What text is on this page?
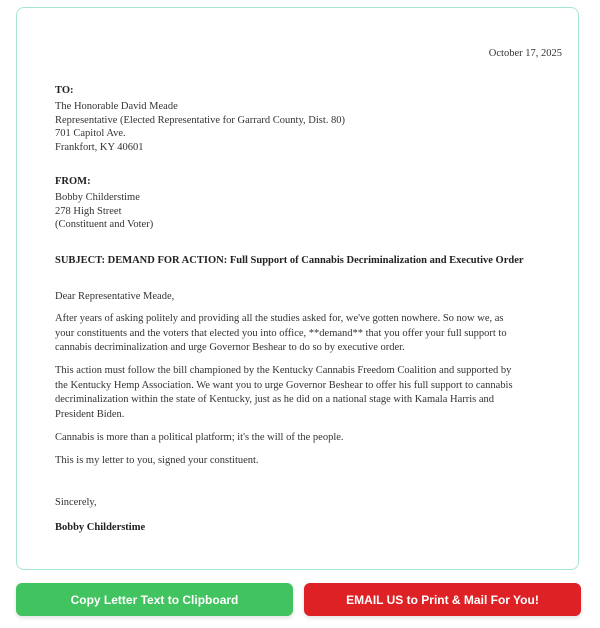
October 17, 2025
TO:
The Honorable David Meade
Representative (Elected Representative for Garrard County, Dist. 80)
701 Capitol Ave.
Frankfort, KY 40601
FROM:
Bobby Childerstime
278 High Street
(Constituent and Voter)
SUBJECT: DEMAND FOR ACTION: Full Support of Cannabis Decriminalization and Executive Order
Dear Representative Meade,

After years of asking politely and providing all the studies asked for, we've gotten nowhere. So now we, as your constituents and the voters that elected you into office, **demand** that you offer your full support to cannabis decriminalization and urge Governor Beshear to do so by executive order.

This action must follow the bill championed by the Kentucky Cannabis Freedom Coalition and supported by the Kentucky Hemp Association. We want you to urge Governor Beshear to offer his full support to cannabis decriminalization within the state of Kentucky, just as he did on a national stage with Kamala Harris and President Biden.

Cannabis is more than a political platform; it's the will of the people.

This is my letter to you, signed your constituent.

Sincerely,
Bobby Childerstime
Copy Letter Text to Clipboard	EMAIL US to Print & Mail For You!
